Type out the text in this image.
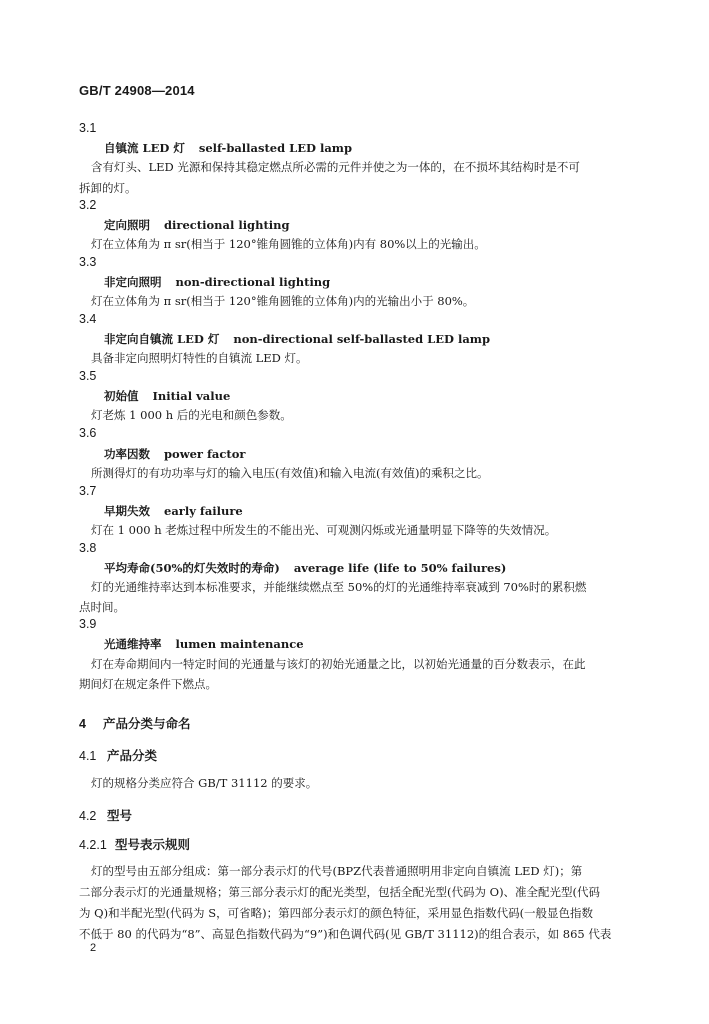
GB/T 24908—2014
3.1
自镇流 LED 灯 self-ballasted LED lamp
含有灯头、LED 光源和保持其稳定燃点所必需的元件并使之为一体的，在不损坏其结构时是不可
拆卸的灯。
3.2
定向照明 directional lighting
灯在立体角为 π sr(相当于 120°锥角圆锥的立体角)内有 80%以上的光输出。
3.3
非定向照明 non-directional lighting
灯在立体角为 π sr(相当于 120°锥角圆锥的立体角)内的光输出小于 80%。
3.4
非定向自镇流 LED 灯 non-directional self-ballasted LED lamp
具备非定向照明灯特性的自镇流 LED 灯。
3.5
初始值 Initial value
灯老炼 1 000 h 后的光电和颜色参数。
3.6
功率因数 power factor
所测得灯的有功功率与灯的输入电压(有效值)和输入电流(有效值)的乘积之比。
3.7
早期失效 early failure
灯在 1 000 h 老炼过程中所发生的不能出光、可观测闪烁或光通量明显下降等的失效情况。
3.8
平均寿命(50%的灯失效时的寿命) average life (life to 50% failures)
灯的光通维持率达到本标准要求，并能继续燃点至 50%的灯的光通维持率衰减到 70%时的累积燃
点时间。
3.9
光通维持率 lumen maintenance
灯在寿命期间内一特定时间的光通量与该灯的初始光通量之比，以初始光通量的百分数表示，在此
期间灯在规定条件下燃点。
4 产品分类与命名
4.1 产品分类
灯的规格分类应符合 GB/T 31112 的要求。
4.2 型号
4.2.1 型号表示规则
灯的型号由五部分组成：第一部分表示灯的代号(BPZ代表普通照明用非定向自镇流 LED 灯)；第
二部分表示灯的光通量规格；第三部分表示灯的配光类型，包括全配光型(代码为 O)、准全配光型(代码
为 Q)和半配光型(代码为 S，可省略)；第四部分表示灯的颜色特征，采用显色指数代码(一般显色指数
不低于 80 的代码为“8”、高显色指数代码为“9”)和色调代码(见 GB/T 31112)的组合表示，如 865 代表
2
